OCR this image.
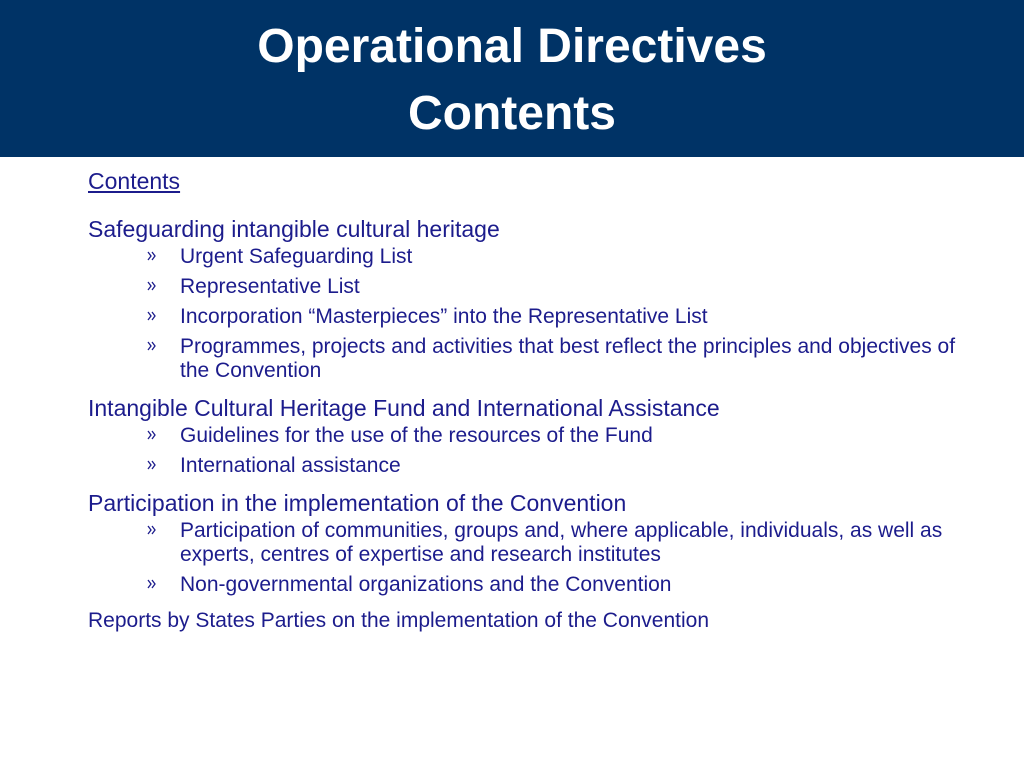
Operational Directives
Contents
Contents

Safeguarding intangible cultural heritage

Urgent Safeguarding List
Representative List
Incorporation “Masterpieces” into the Representative List
Programmes, projects and activities that best reflect the principles and objectives of the Convention

Intangible Cultural Heritage Fund and International Assistance

Guidelines for the use of the resources of the Fund
International assistance

Participation in the implementation of the Convention

Participation of communities, groups and, where applicable, individuals, as well as experts, centres of expertise and research institutes
Non-governmental organizations and the Convention

Reports by States Parties on the implementation of the Convention
